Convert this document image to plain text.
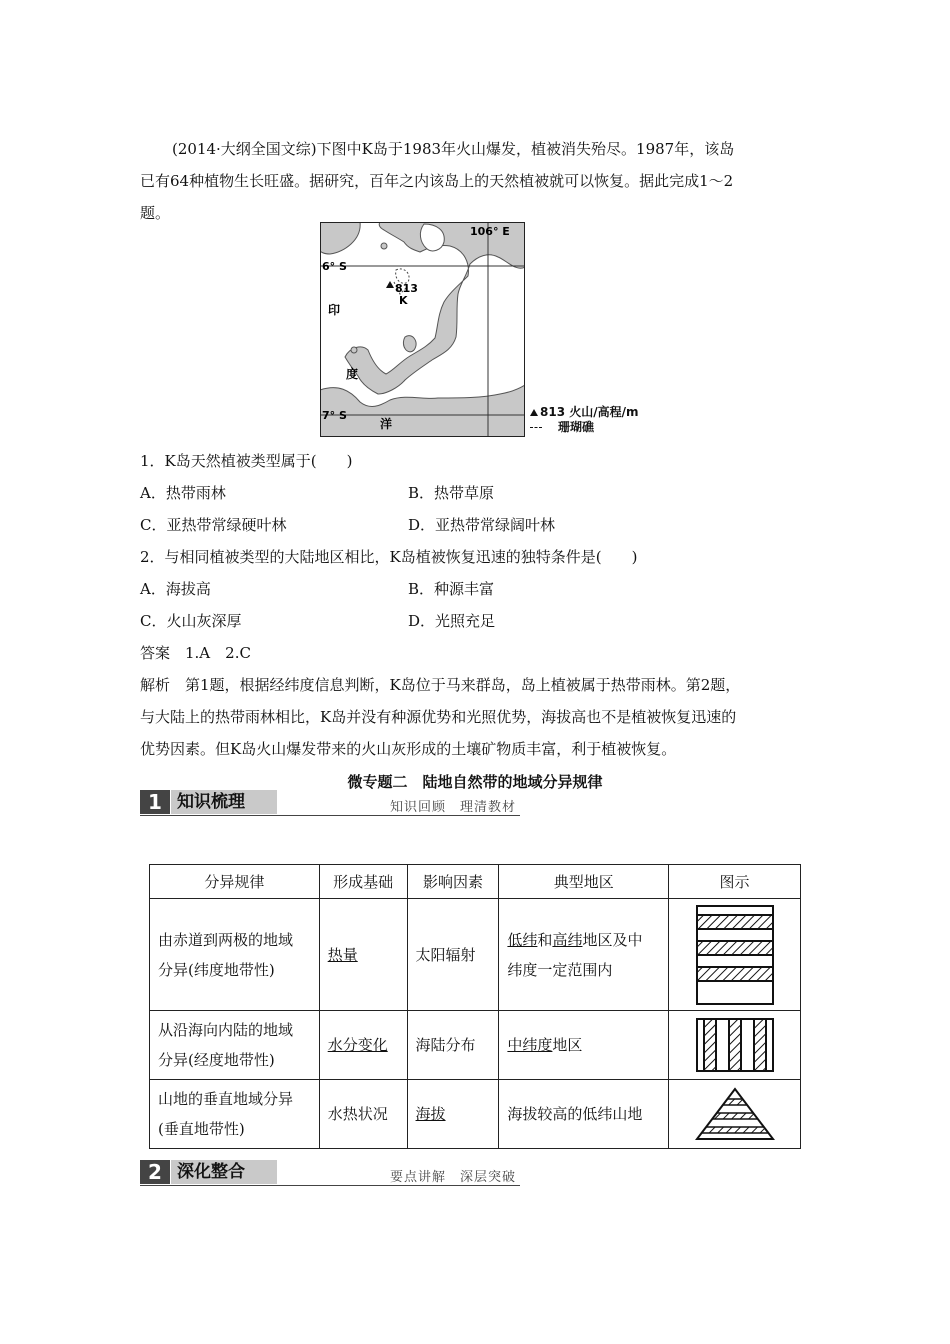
(2014·大纲全国文综)下图中K岛于1983年火山爆发，植被消失殆尽。1987年，该岛
已有64种植物生长旺盛。据研究，百年之内该岛上的天然植被就可以恢复。据此完成1～2
题。
106° E
6° S
7° S
813
K
印
度
洋
813 火山/高程/m
珊瑚礁
1．K岛天然植被类型属于(　　)
A．热带雨林	B．热带草原
C．亚热带常绿硬叶林	D．亚热带常绿阔叶林
2．与相同植被类型的大陆地区相比，K岛植被恢复迅速的独特条件是(　　)
A．海拔高	B．种源丰富
C．火山灰深厚	D．光照充足
答案　1.A　2.C
解析　第1题，根据经纬度信息判断，K岛位于马来群岛，岛上植被属于热带雨林。第2题，
与大陆上的热带雨林相比，K岛并没有种源优势和光照优势，海拔高也不是植被恢复迅速的
优势因素。但K岛火山爆发带来的火山灰形成的土壤矿物质丰富，利于植被恢复。
微专题二　陆地自然带的地域分异规律
1 知识梳理	知识回顾　理清教材
分异规律	形成基础	影响因素	典型地区	图示
由赤道到两极的地域
分异(纬度地带性)	热量	太阳辐射	低纬和高纬地区及中
纬度一定范围内	

从沿海向内陆的地域
分异(经度地带性)	水分变化	海陆分布	中纬度地区	

山地的垂直地域分异
(垂直地带性)	水热状况	海拔	海拔较高的低纬山地	
2 深化整合	要点讲解　深层突破
